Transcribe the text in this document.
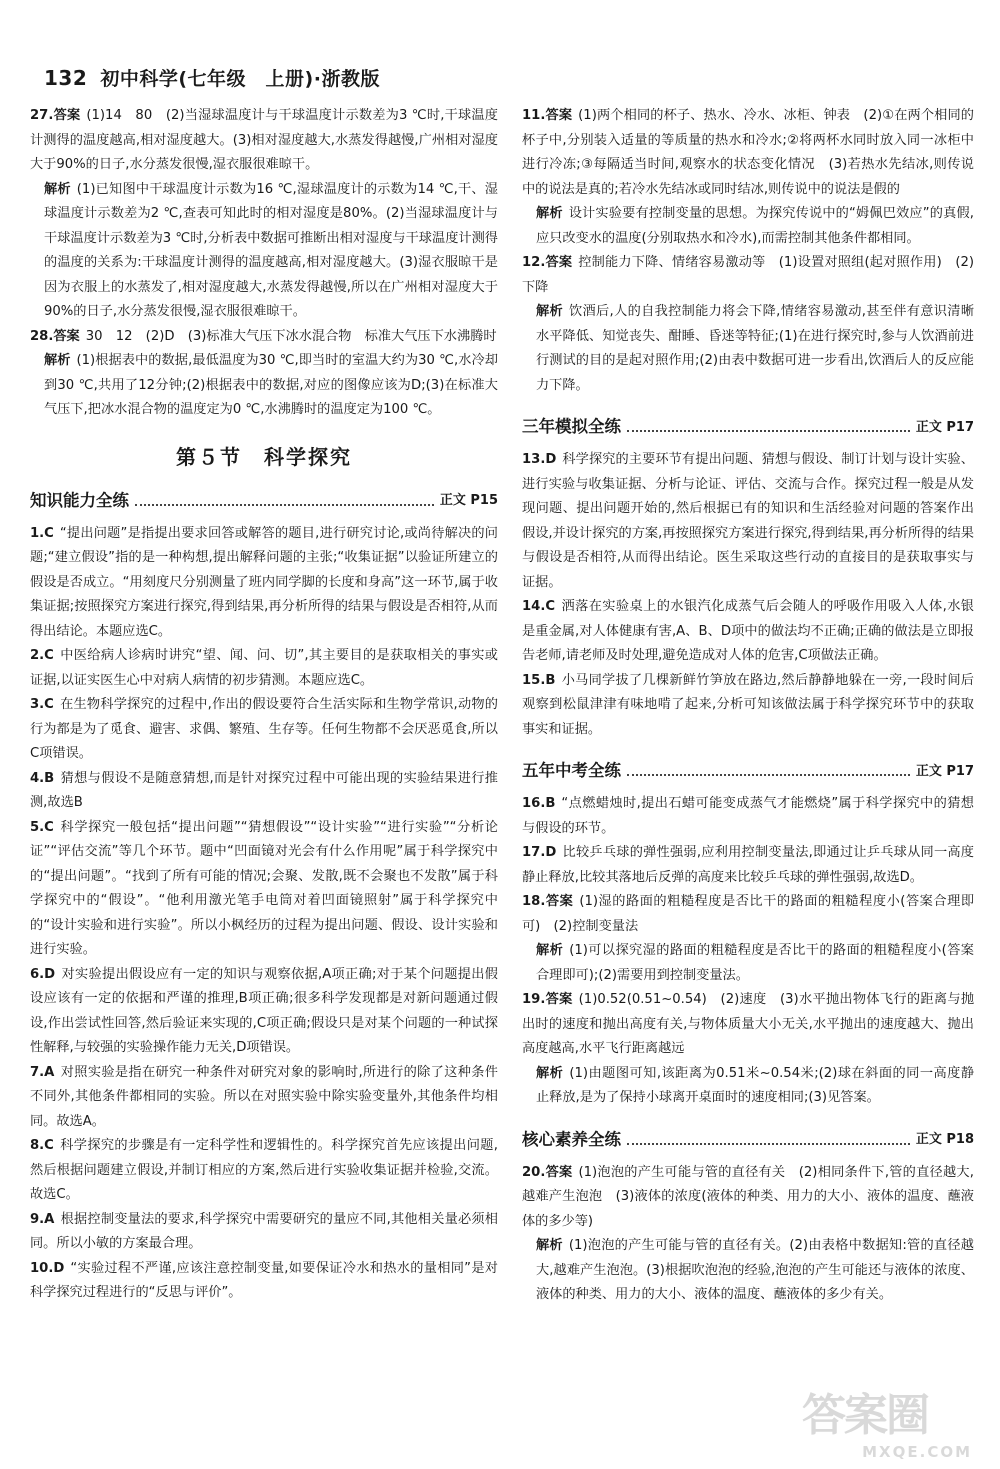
132 初中科学(七年级　上册)·浙教版

27.答案 (1)14　80　(2)当湿球温度计与干球温度计示数差为3 ℃时,干球温度计测得的温度越高,相对湿度越大。(3)相对湿度越大,水蒸发得越慢,广州相对湿度大于90%的日子,水分蒸发很慢,湿衣服很难晾干。

解析 (1)已知图中干球温度计示数为16 ℃,湿球温度计的示数为14 ℃,干、湿球温度计示数差为2 ℃,查表可知此时的相对湿度是80%。(2)当湿球温度计与干球温度计示数差为3 ℃时,分析表中数据可推断出相对湿度与干球温度计测得的温度的关系为:干球温度计测得的温度越高,相对湿度越大。(3)湿衣服晾干是因为衣服上的水蒸发了,相对湿度越大,水蒸发得越慢,所以在广州相对湿度大于90%的日子,水分蒸发很慢,湿衣服很难晾干。

28.答案 30　12　(2)D　(3)标准大气压下冰水混合物　标准大气压下水沸腾时

解析 (1)根据表中的数据,最低温度为30 ℃,即当时的室温大约为30 ℃,水冷却到30 ℃,共用了12分钟;(2)根据表中的数据,对应的图像应该为D;(3)在标准大气压下,把冰水混合物的温度定为0 ℃,水沸腾时的温度定为100 ℃。

第５节　科学探究
知识能力全练	正文 P15

1.C “提出问题”是指提出要求回答或解答的题目,进行研究讨论,或尚待解决的问题;“建立假设”指的是一种构想,提出解释问题的主张;“收集证据”以验证所建立的假设是否成立。“用刻度尺分别测量了班内同学脚的长度和身高”这一环节,属于收集证据;按照探究方案进行探究,得到结果,再分析所得的结果与假设是否相符,从而得出结论。本题应选C。

2.C 中医给病人诊病时讲究“望、闻、问、切”,其主要目的是获取相关的事实或证据,以证实医生心中对病人病情的初步猜测。本题应选C。

3.C 在生物科学探究的过程中,作出的假设要符合生活实际和生物学常识,动物的行为都是为了觅食、避害、求偶、繁殖、生存等。任何生物都不会厌恶觅食,所以C项错误。

4.B 猜想与假设不是随意猜想,而是针对探究过程中可能出现的实验结果进行推测,故选B

5.C 科学探究一般包括“提出问题”“猜想假设”“设计实验”“进行实验”“分析论证”“评估交流”等几个环节。题中“凹面镜对光会有什么作用呢”属于科学探究中的“提出问题”。“找到了所有可能的情况;会聚、发散,既不会聚也不发散”属于科学探究中的“假设”。“他利用激光笔手电筒对着凹面镜照射”属于科学探究中的“设计实验和进行实验”。所以小枫经历的过程为提出问题、假设、设计实验和进行实验。

6.D 对实验提出假设应有一定的知识与观察依据,A项正确;对于某个问题提出假设应该有一定的依据和严谨的推理,B项正确;很多科学发现都是对新问题通过假设,作出尝试性回答,然后验证来实现的,C项正确;假设只是对某个问题的一种试探性解释,与较强的实验操作能力无关,D项错误。

7.A 对照实验是指在研究一种条件对研究对象的影响时,所进行的除了这种条件不同外,其他条件都相同的实验。所以在对照实验中除实验变量外,其他条件均相同。故选A。

8.C 科学探究的步骤是有一定科学性和逻辑性的。科学探究首先应该提出问题,然后根据问题建立假设,并制订相应的方案,然后进行实验收集证据并检验,交流。故选C。

9.A 根据控制变量法的要求,科学探究中需要研究的量应不同,其他相关量必须相同。所以小敏的方案最合理。

10.D “实验过程不严谨,应该注意控制变量,如要保证冷水和热水的量相同”是对科学探究过程进行的“反思与评价”。

11.答案 (1)两个相同的杯子、热水、冷水、冰柜、钟表　(2)①在两个相同的杯子中,分别装入适量的等质量的热水和冷水;②将两杯水同时放入同一冰柜中进行冷冻;③每隔适当时间,观察水的状态变化情况　(3)若热水先结冰,则传说中的说法是真的;若冷水先结冰或同时结冰,则传说中的说法是假的

解析 设计实验要有控制变量的思想。为探究传说中的“姆佩巴效应”的真假,应只改变水的温度(分别取热水和冷水),而需控制其他条件都相同。

12.答案 控制能力下降、情绪容易激动等　(1)设置对照组(起对照作用)　(2)下降

解析 饮酒后,人的自我控制能力将会下降,情绪容易激动,甚至伴有意识清晰水平降低、知觉丧失、酣睡、昏迷等特征;(1)在进行探究时,参与人饮酒前进行测试的目的是起对照作用;(2)由表中数据可进一步看出,饮酒后人的反应能力下降。

三年模拟全练	正文 P17

13.D 科学探究的主要环节有提出问题、猜想与假设、制订计划与设计实验、进行实验与收集证据、分析与论证、评估、交流与合作。探究过程一般是从发现问题、提出问题开始的,然后根据已有的知识和生活经验对问题的答案作出假设,并设计探究的方案,再按照探究方案进行探究,得到结果,再分析所得的结果与假设是否相符,从而得出结论。医生采取这些行动的直接目的是获取事实与证据。

14.C 洒落在实验桌上的水银汽化成蒸气后会随人的呼吸作用吸入人体,水银是重金属,对人体健康有害,A、B、D项中的做法均不正确;正确的做法是立即报告老师,请老师及时处理,避免造成对人体的危害,C项做法正确。

15.B 小马同学拔了几棵新鲜竹笋放在路边,然后静静地躲在一旁,一段时间后观察到松鼠津津有味地啃了起来,分析可知该做法属于科学探究环节中的获取事实和证据。

五年中考全练	正文 P17

16.B “点燃蜡烛时,提出石蜡可能变成蒸气才能燃烧”属于科学探究中的猜想与假设的环节。

17.D 比较乒乓球的弹性强弱,应利用控制变量法,即通过让乒乓球从同一高度静止释放,比较其落地后反弹的高度来比较乒乓球的弹性强弱,故选D。

18.答案 (1)湿的路面的粗糙程度是否比干的路面的粗糙程度小(答案合理即可)　(2)控制变量法

解析 (1)可以探究湿的路面的粗糙程度是否比干的路面的粗糙程度小(答案合理即可);(2)需要用到控制变量法。

19.答案 (1)0.52(0.51~0.54)　(2)速度　(3)水平抛出物体飞行的距离与抛出时的速度和抛出高度有关,与物体质量大小无关,水平抛出的速度越大、抛出高度越高,水平飞行距离越远

解析 (1)由题图可知,该距离为0.51米~0.54米;(2)球在斜面的同一高度静止释放,是为了保持小球离开桌面时的速度相同;(3)见答案。

核心素养全练	正文 P18

20.答案 (1)泡泡的产生可能与管的直径有关　(2)相同条件下,管的直径越大,越难产生泡泡　(3)液体的浓度(液体的种类、用力的大小、液体的温度、蘸液体的多少等)

解析 (1)泡泡的产生可能与管的直径有关。(2)由表格中数据知:管的直径越大,越难产生泡泡。(3)根据吹泡泡的经验,泡泡的产生可能还与液体的浓度、液体的种类、用力的大小、液体的温度、蘸液体的多少有关。

答案圈
MXQE.COM
